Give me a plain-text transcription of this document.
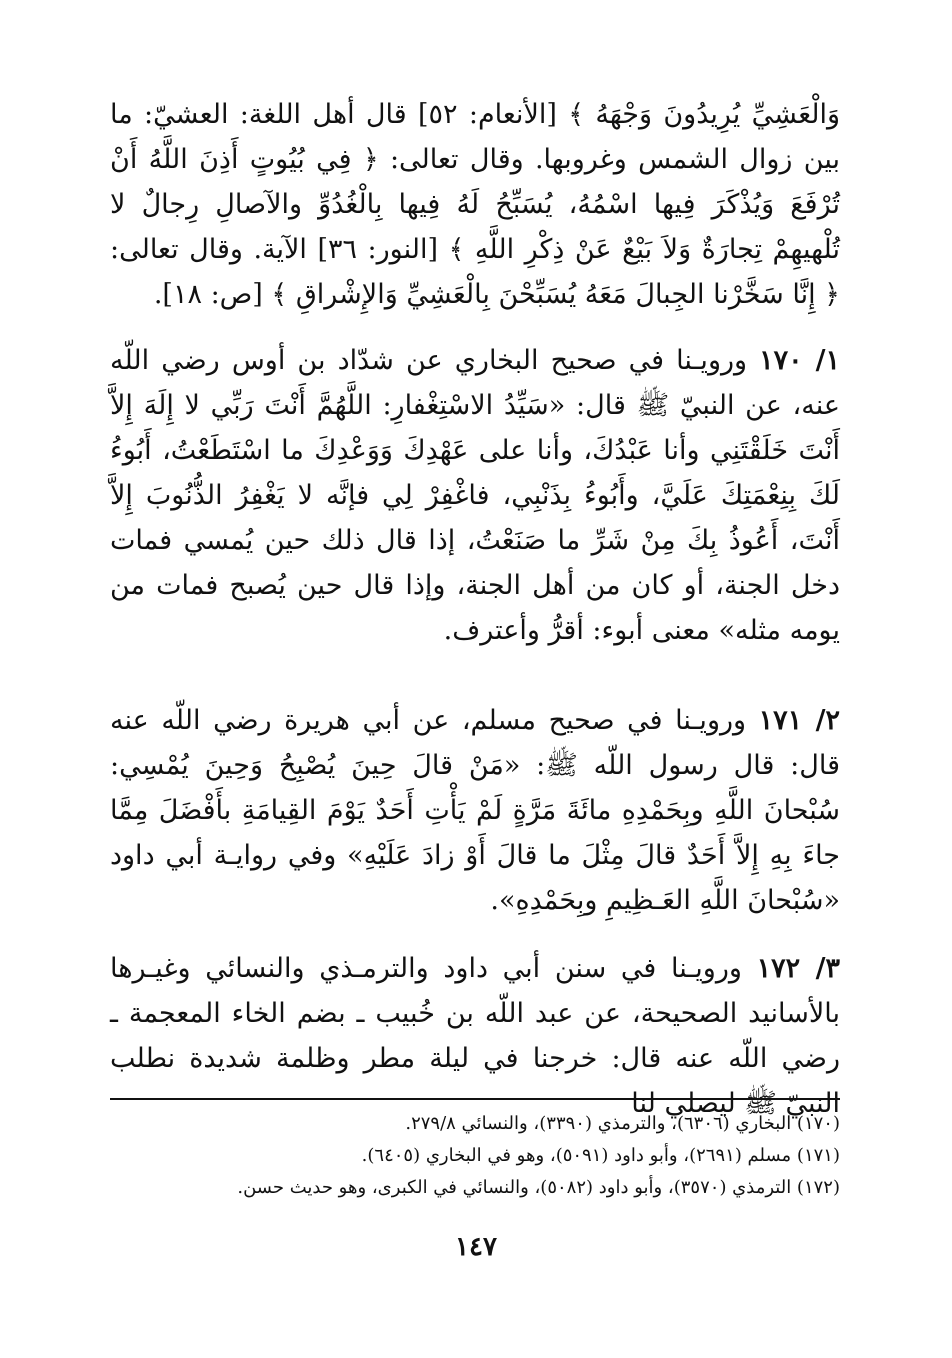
وَالْعَشِيِّ يُرِيدُونَ وَجْهَهُ ﴾ [الأنعام: ٥٢] قال أهل اللغة: العشيّ: ما بين زوال الشمس وغروبها. وقال تعالى: ﴿ فِي بُيُوتٍ أَذِنَ اللَّهُ أَنْ تُرْفَعَ وَيُذْكَرَ فِيها اسْمُهُ، يُسَبِّحُ لَهُ فِيها بِالْغُدُوِّ والآصالِ رِجالٌ لا تُلْهيهِمْ تِجارَةٌ وَلاَ بَيْعٌ عَنْ ذِكْرِ اللَّهِ ﴾ [النور: ٣٦] الآية. وقال تعالى: ﴿ إِنَّا سَخَّرْنا الجِبالَ مَعَهُ يُسَبِّحْنَ بِالْعَشِيِّ وَالإِشْراقِ ﴾ [ص: ١٨].

١/ ١٧٠ ورويـنا في صحيح البخاري عن شدّاد بن أوس رضي اللّه عنه، عن النبيّ ﷺ قال: «سَيِّدُ الاسْتِغْفارِ: اللَّهُمَّ أَنْتَ رَبِّي لا إِلَهَ إِلاَّ أَنْتَ خَلَقْتَنِي وأنا عَبْدُكَ، وأنا على عَهْدِكَ وَوَعْدِكَ ما اسْتَطَعْتُ، أَبُوءُ لَكَ بِنِعْمَتِكَ عَلَيَّ، وأَبُوءُ بِذَنْبِي، فاغْفِرْ لِي فإنَّه لا يَغْفِرُ الذُّنُوبَ إِلاَّ أَنْتَ، أَعُوذُ بِكَ مِنْ شَرِّ ما صَنَعْتُ، إذا قال ذلك حين يُمسي فمات دخل الجنة، أو كان من أهل الجنة، وإذا قال حين يُصبح فمات من يومه مثله» معنى أبوء: أقرُّ وأعترف.

٢/ ١٧١ ورويـنا في صحيح مسلم، عن أبي هريرة رضي اللّه عنه قال: قال رسول اللّه ﷺ: «مَنْ قالَ حِينَ يُصْبِحُ وَحِينَ يُمْسِي: سُبْحانَ اللَّهِ وبِحَمْدِهِ مائَةَ مَرَّةٍ لَمْ يَأْتِ أَحَدٌ يَوْمَ القِيامَةِ بأَفْضَلَ مِمَّا جاءَ بِهِ إِلاَّ أَحَدٌ قالَ مِثْلَ ما قالَ أَوْ زادَ عَلَيْهِ» وفي روايـة أبي داود «سُبْحانَ اللَّهِ العَـظِيمِ وبِحَمْدِهِ».

٣/ ١٧٢ ورويـنا في سنن أبي داود والترمـذي والنسائي وغيـرها بالأسانيد الصحيحة، عن عبد اللّه بن خُبيب ـ بضم الخاء المعجمة ـ رضي اللّه عنه قال: خرجنا في ليلة مطر وظلمة شديدة نطلب النبيّ ﷺ ليصلي لنا

(١٧٠) البخاري (٦٣٠٦)، والترمذي (٣٣٩٠)، والنسائي ٢٧٩/٨.
(١٧١) مسلم (٢٦٩١)، وأبو داود (٥٠٩١)، وهو في البخاري (٦٤٠٥).
(١٧٢) الترمذي (٣٥٧٠)، وأبو داود (٥٠٨٢)، والنسائي في الكبرى، وهو حديث حسن.
١٤٧
